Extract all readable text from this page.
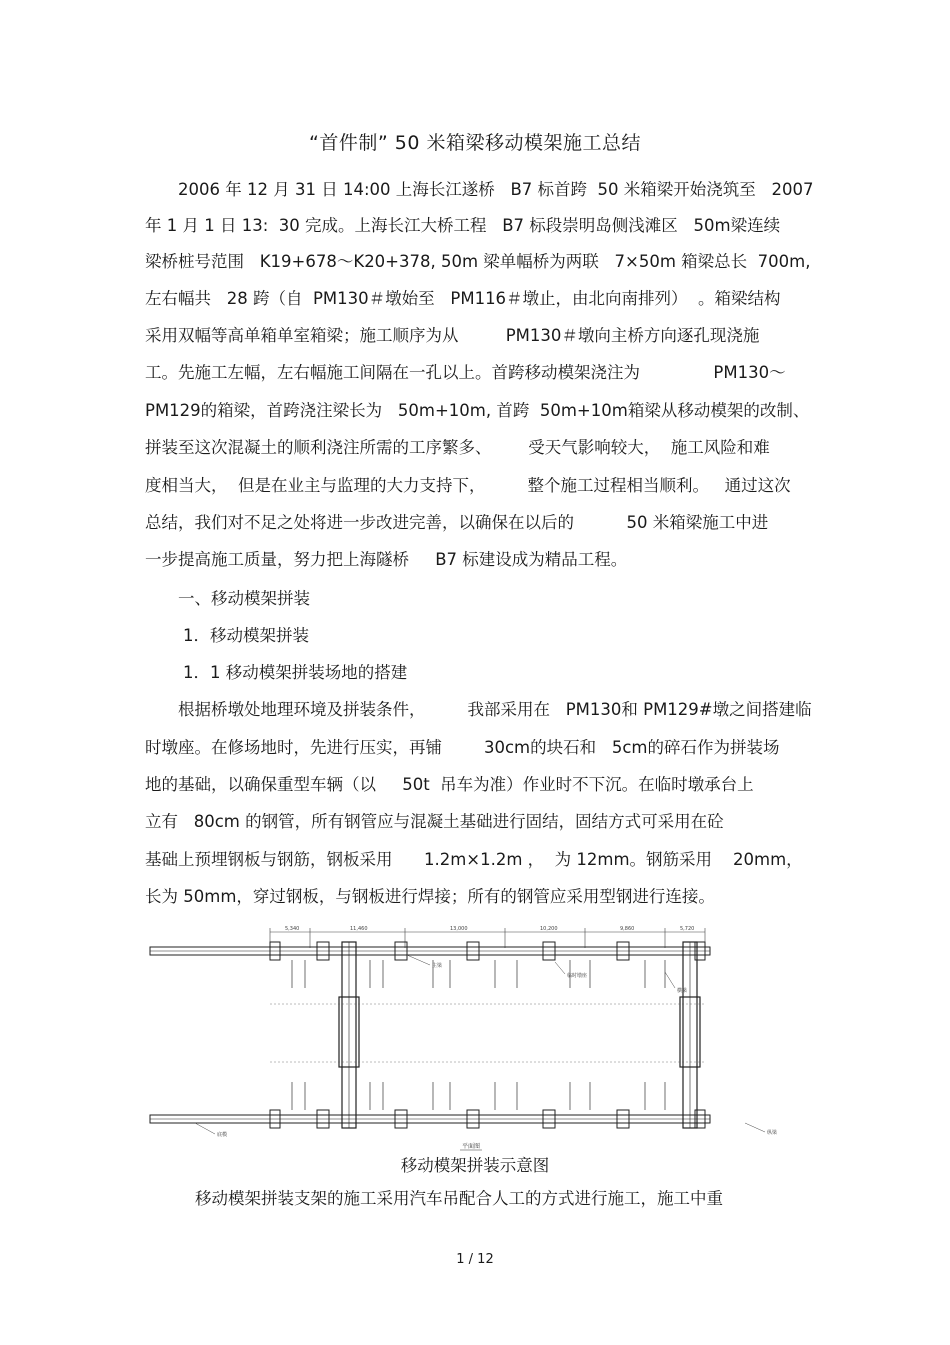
“首件制” 50 米箱梁移动模架施工总结
2006 年 12 月 31 日 14:00 上海长江遂桥   B7 标首跨  50 米箱梁开始浇筑至   2007
年 1 月 1 日 13:  30 完成。上海长江大桥工程   B7 标段崇明岛侧浅滩区   50m梁连续
梁桥桩号范围   K19+678～K20+378, 50m 梁单幅桥为两联   7×50m 箱梁总长  700m,
左右幅共   28 跨（自  PM130＃墩始至   PM116＃墩止，由北向南排列）  。箱梁结构
采用双幅等高单箱单室箱梁；施工顺序为从         PM130＃墩向主桥方向逐孔现浇施
工。先施工左幅，左右幅施工间隔在一孔以上。首跨移动模架浇注为              PM130～
PM129的箱梁，首跨浇注梁长为   50m+10m, 首跨  50m+10m箱梁从移动模架的改制、
拼装至这次混凝土的顺利浇注所需的工序繁多、       受天气影响较大，  施工风险和难
度相当大，  但是在业主与监理的大力支持下，        整个施工过程相当顺利。   通过这次
总结，我们对不足之处将进一步改进完善，以确保在以后的          50 米箱梁施工中进
一步提高施工质量，努力把上海隧桥     B7 标建设成为精品工程。
一、移动模架拼装
1．移动模架拼装
1．1 移动模架拼装场地的搭建
根据桥墩处地理环境及拼装条件，        我部采用在   PM130和 PM129#墩之间搭建临
时墩座。在修场地时，先进行压实，再铺        30cm的块石和   5cm的碎石作为拼装场
地的基础，以确保重型车辆（以     50t  吊车为准）作业时不下沉。在临时墩承台上
立有   80cm 的钢管，所有钢管应与混凝土基础进行固结，固结方式可采用在砼
基础上预埋钢板与钢筋，钢板采用      1.2m×1.2m ，  为 12mm。钢筋采用    20mm，
长为 50mm，穿过钢板，与钢板进行焊接；所有的钢管应采用型钢进行连接。
5,340	11,460	13,000	10,200	9,860	5,720
主梁
临时墩座
横梁
底模	纵梁
平面图
移动模架拼装示意图
移动模架拼装支架的施工采用汽车吊配合人工的方式进行施工，施工中重
1 / 12
